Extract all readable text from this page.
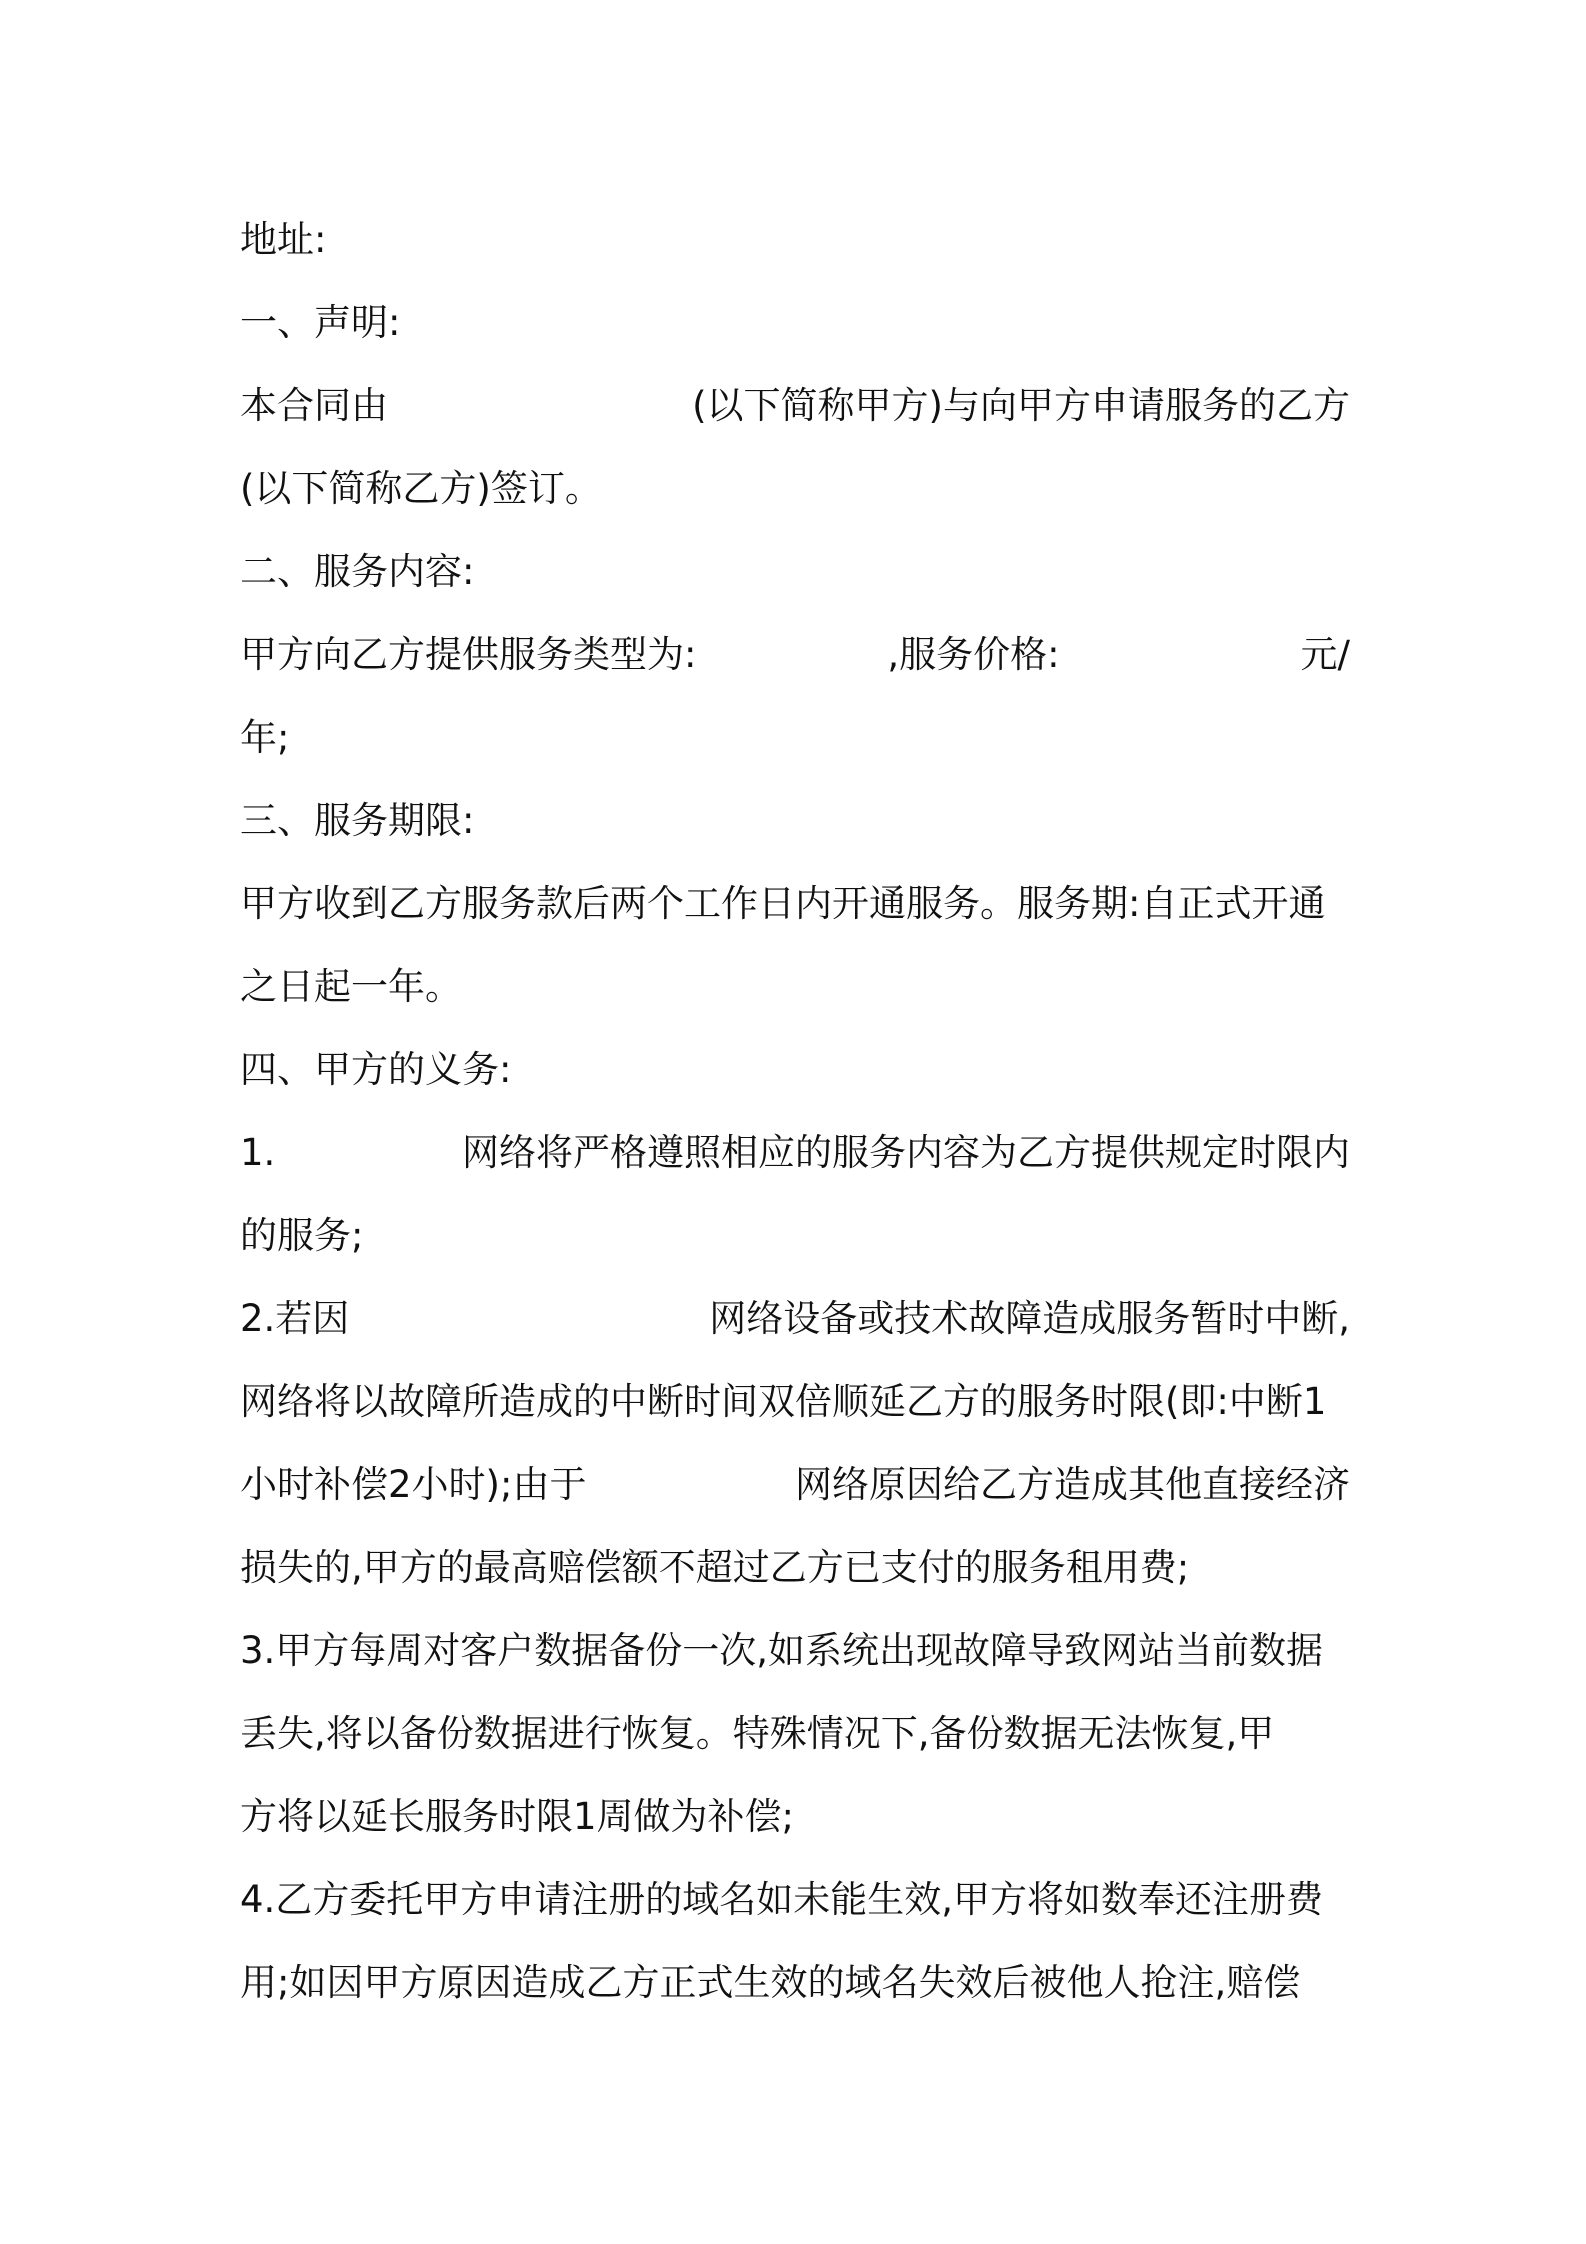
地址:
一、声明:
本合同由	(以下简称甲方)与向甲方申请服务的乙方
(以下简称乙方)签订。
二、服务内容:
甲方向乙方提供服务类型为:	,服务价格:	元/
年;
三、服务期限:
甲方收到乙方服务款后两个工作日内开通服务。服务期:自正式开通
之日起一年。
四、甲方的义务:
1.	网络将严格遵照相应的服务内容为乙方提供规定时限内
的服务;
2.若因	网络设备或技术故障造成服务暂时中断,
网络将以故障所造成的中断时间双倍顺延乙方的服务时限(即:中断1
小时补偿2小时);由于	网络原因给乙方造成其他直接经济
损失的,甲方的最高赔偿额不超过乙方已支付的服务租用费;
3.甲方每周对客户数据备份一次,如系统出现故障导致网站当前数据
丢失,将以备份数据进行恢复。特殊情况下,备份数据无法恢复,甲
方将以延长服务时限1周做为补偿;
4.乙方委托甲方申请注册的域名如未能生效,甲方将如数奉还注册费
用;如因甲方原因造成乙方正式生效的域名失效后被他人抢注,赔偿
